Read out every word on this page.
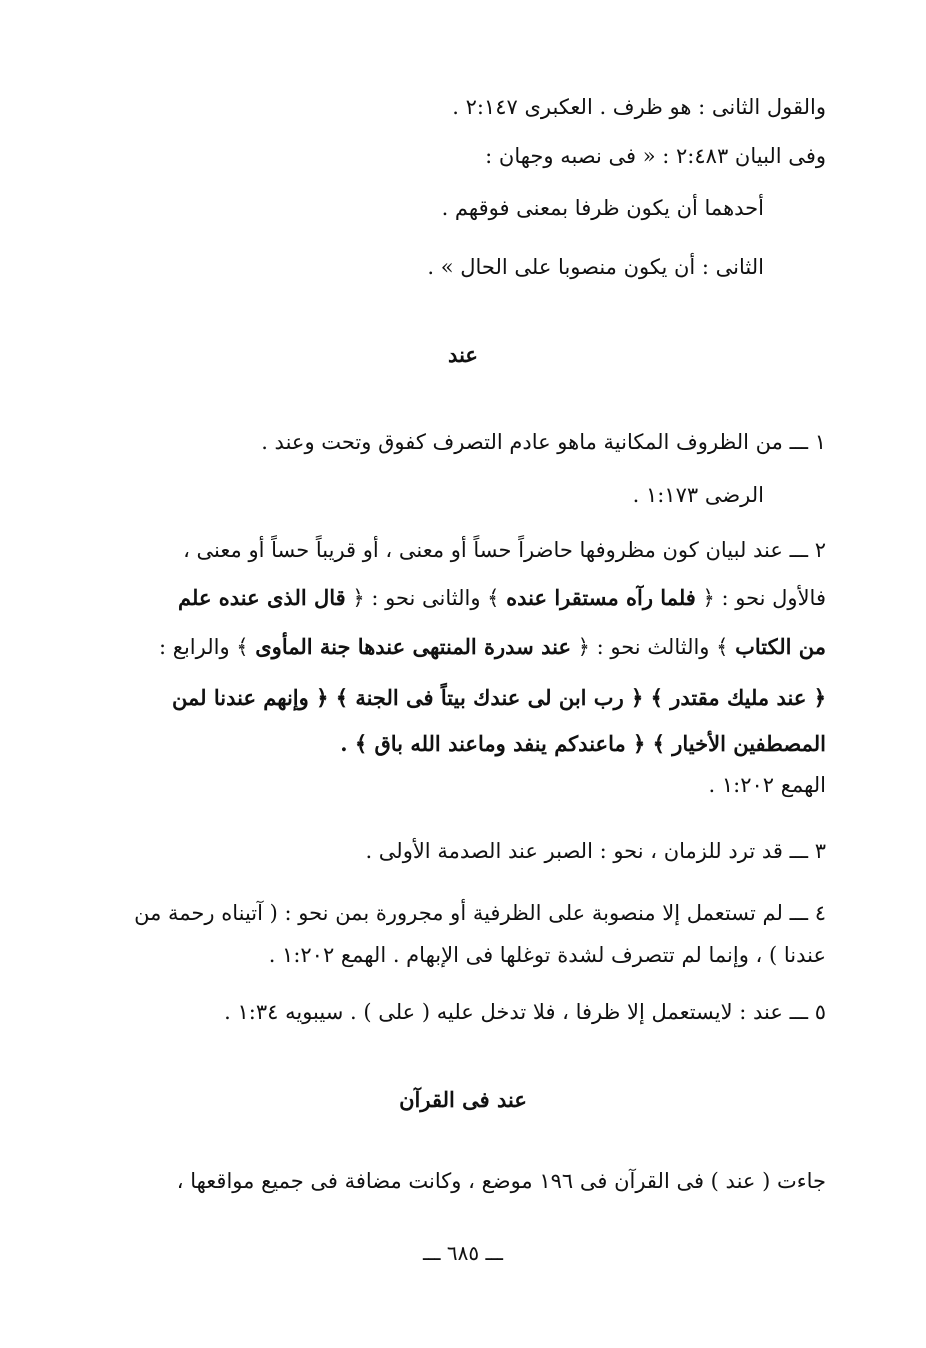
والقول الثانى : هو ظرف . العكبرى ٢:١٤٧ .
وفى البيان ٢:٤٨٣ : « فى نصبه وجهان :
أحدهما أن يكون ظرفا بمعنى فوقهم .
الثانى : أن يكون منصوبا على الحال » .
عند
١ ـــ من الظروف المكانية ماهو عادم التصرف كفوق وتحت وعند .
الرضى ١:١٧٣ .
٢ ـــ عند لبيان كون مظروفها حاضراً حساً أو معنى ، أو قريباً حساً أو معنى ،
فالأول نحو : ﴿ فلما رآه مستقرا عنده ﴾ والثانى نحو : ﴿ قال الذى عنده علم
من الكتاب ﴾ والثالث نحو : ﴿ عند سدرة المنتهى عندها جنة المأوى ﴾ والرابع :
﴿ عند مليك مقتدر ﴾ ﴿ رب ابن لى عندك بيتاً فى الجنة ﴾ ﴿ وإنهم عندنا لمن
المصطفين الأخيار ﴾ ﴿ ماعندكم ينفد وماعند الله باق ﴾ .
الهمع ١:٢٠٢ .
٣ ـــ قد ترد للزمان ، نحو : الصبر عند الصدمة الأولى .
٤ ـــ لم تستعمل إلا منصوبة على الظرفية أو مجرورة بمن نحو : ( آتيناه رحمة من
عندنا ) ، وإنما لم تتصرف لشدة توغلها فى الإبهام . الهمع ١:٢٠٢ .
٥ ـــ عند : لايستعمل إلا ظرفا ، فلا تدخل عليه ( على ) . سيبويه ١:٣٤ .
عند فى القرآن
جاءت ( عند ) فى القرآن فى ١٩٦ موضع ، وكانت مضافة فى جميع مواقعها ،
ـــ ٦٨٥ ـــ
